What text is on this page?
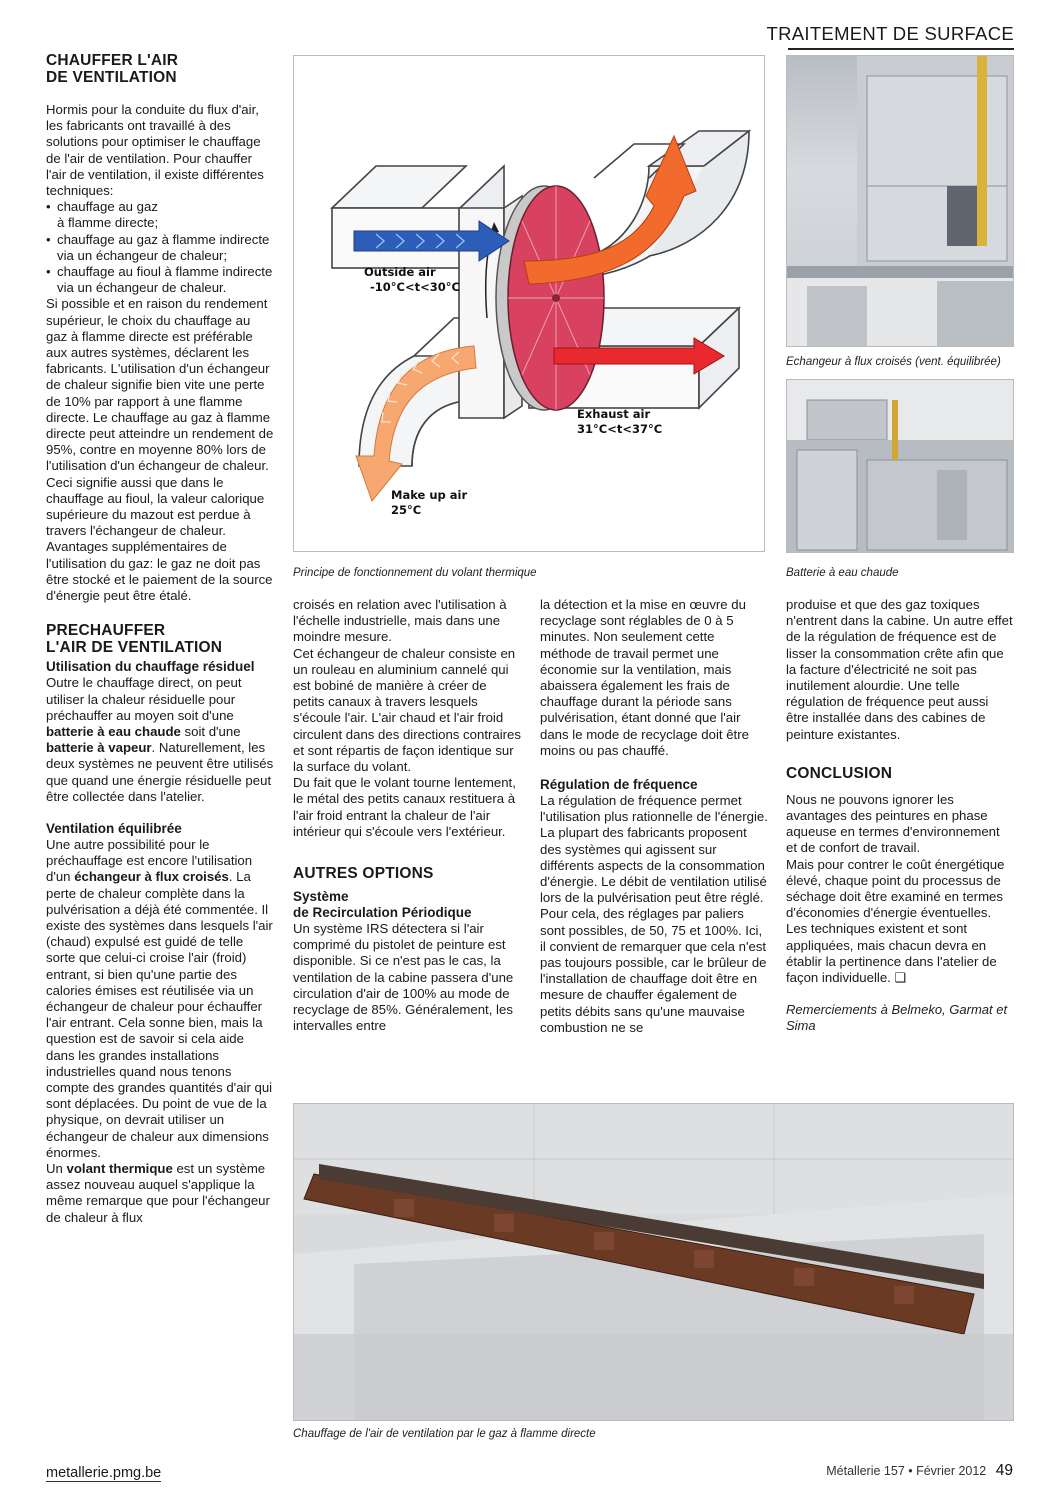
TRAITEMENT DE SURFACE
CHAUFFER L'AIR
DE VENTILATION

Hormis pour la conduite du flux d'air, les fabricants ont travaillé à des solutions pour optimiser le chauffage de l'air de ventilation. Pour chauffer l'air de ventilation, il existe différentes techniques:

• chauffage au gaz
à flamme directe;
• chauffage au gaz à flamme indirecte via un échangeur de chaleur;
• chauffage au fioul à flamme indirecte via un échangeur de chaleur.

Si possible et en raison du rendement supérieur, le choix du chauffage au gaz à flamme directe est préférable aux autres systèmes, déclarent les fabricants. L'utilisation d'un échangeur de chaleur signifie bien vite une perte de 10% par rapport à une flamme directe. Le chauffage au gaz à flamme directe peut atteindre un rendement de 95%, contre en moyenne 80% lors de l'utilisation d'un échangeur de chaleur. Ceci signifie aussi que dans le chauffage au fioul, la valeur calorique supérieure du mazout est perdue à travers l'échangeur de chaleur. Avantages supplémentaires de l'utilisation du gaz: le gaz ne doit pas être stocké et le paiement de la source d'énergie peut être étalé.

PRECHAUFFER
L'AIR DE VENTILATION
Utilisation du chauffage résiduel

Outre le chauffage direct, on peut utiliser la chaleur résiduelle pour préchauffer au moyen soit d'une batterie à eau chaude soit d'une batterie à vapeur. Naturellement, les deux systèmes ne peuvent être utilisés que quand une énergie résiduelle peut être collectée dans l'atelier.

Ventilation équilibrée

Une autre possibilité pour le préchauffage est encore l'utilisation d'un échangeur à flux croisés. La perte de chaleur complète dans la pulvérisation a déjà été commentée. Il existe des systèmes dans lesquels l'air (chaud) expulsé est guidé de telle sorte que celui-ci croise l'air (froid) entrant, si bien qu'une partie des calories émises est réutilisée via un échangeur de chaleur pour échauffer l'air entrant. Cela sonne bien, mais la question est de savoir si cela aide dans les grandes installations industrielles quand nous tenons compte des grandes quantités d'air qui sont déplacées. Du point de vue de la physique, on devrait utiliser un échangeur de chaleur aux dimensions énormes.

Un volant thermique est un système assez nouveau auquel s'applique la même remarque que pour l'échangeur de chaleur à flux

Outside air
-10°C<t<30°C
Exhaust air
31°C<t<37°C
Make up air
25°C
Principe de fonctionnement du volant thermique
Echangeur à flux croisés (vent. équilibrée)
Batterie à eau chaude

croisés en relation avec l'utilisation à l'échelle industrielle, mais dans une moindre mesure.

Cet échangeur de chaleur consiste en un rouleau en aluminium cannelé qui est bobiné de manière à créer de petits canaux à travers lesquels s'écoule l'air. L'air chaud et l'air froid circulent dans des directions contraires et sont répartis de façon identique sur la surface du volant.

Du fait que le volant tourne lentement, le métal des petits canaux restituera à l'air froid entrant la chaleur de l'air intérieur qui s'écoule vers l'extérieur.

AUTRES OPTIONS
Système
de Recirculation Périodique

Un système IRS détectera si l'air comprimé du pistolet de peinture est disponible. Si ce n'est pas le cas, la ventilation de la cabine passera d'une circulation d'air de 100% au mode de recyclage de 85%. Généralement, les intervalles entre

la détection et la mise en œuvre du recyclage sont réglables de 0 à 5 minutes. Non seulement cette méthode de travail permet une économie sur la ventilation, mais abaissera également les frais de chauffage durant la période sans pulvérisation, étant donné que l'air dans le mode de recyclage doit être moins ou pas chauffé.

Régulation de fréquence

La régulation de fréquence permet l'utilisation plus rationnelle de l'énergie. La plupart des fabricants proposent des systèmes qui agissent sur différents aspects de la consommation d'énergie. Le débit de ventilation utilisé lors de la pulvérisation peut être réglé. Pour cela, des réglages par paliers sont possibles, de 50, 75 et 100%. Ici, il convient de remarquer que cela n'est pas toujours possible, car le brûleur de l'installation de chauffage doit être en mesure de chauffer également de petits débits sans qu'une mauvaise combustion ne se

produise et que des gaz toxiques n'entrent dans la cabine. Un autre effet de la régulation de fréquence est de lisser la consommation crête afin que la facture d'électricité ne soit pas inutilement alourdie. Une telle régulation de fréquence peut aussi être installée dans des cabines de peinture existantes.

CONCLUSION

Nous ne pouvons ignorer les avantages des peintures en phase aqueuse en termes d'environnement et de confort de travail.

Mais pour contrer le coût énergétique élevé, chaque point du processus de séchage doit être examiné en termes d'économies d'énergie éventuelles.

Les techniques existent et sont appliquées, mais chacun devra en établir la pertinence dans l'atelier de façon individuelle. ❑

Remerciements à Belmeko, Garmat et Sima

Chauffage de l'air de ventilation par le gaz à flamme directe
metallerie.pmg.be	Métallerie 157 • Février 2012 49
